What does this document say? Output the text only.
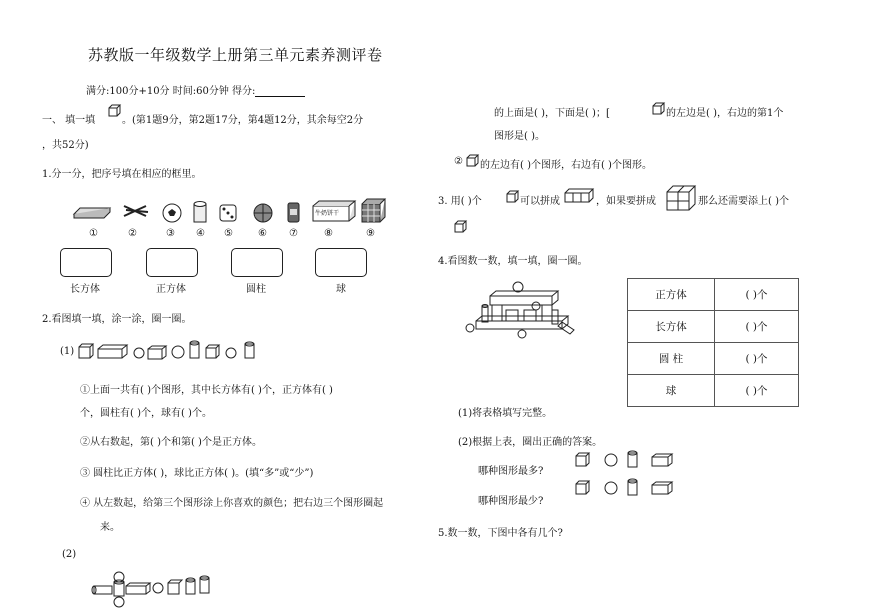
苏教版一年级数学上册第三单元素养测评卷
满分:100分+10分 时间:60分钟 得分:
一、 填一填	。(第1题9分，第2题17分，第4题12分，其余每空2分
，共52分)
1.分一分，把序号填在相应的框里。
牛奶饼干
①	②	③ ④ ⑤	⑥ ⑦	⑧	⑨
长方体	正方体	圆柱	球
2.看图填一填，涂一涂，圈一圈。
(1)
①上面一共有( )个图形，其中长方体有( )个，正方体有( )
个，圆柱有( )个，球有( )个。
②从右数起，第( )个和第( )个是正方体。
③ 圆柱比正方体( )，球比正方体( )。(填“多”或“少”)
④ 从左数起，给第三个图形涂上你喜欢的颜色；把右边三个图形圈起
来。
(2)
的上面是( )，下面是( )；[	的左边是( )，右边的第1个
图形是( )。
② 的左边有( )个图形，右边有( )个图形。
3. 用( )个	可以拼成	，如果要拼成	那么还需要添上( )个
4.看图数一数，填一填，圈一圈。
正方体	( )个
长方体	( )个
圆 柱	( )个
球	( )个
(1)将表格填写完整。
(2)根据上表，圈出正确的答案。
哪种图形最多?
哪种图形最少?
5.数一数，下图中各有几个?
